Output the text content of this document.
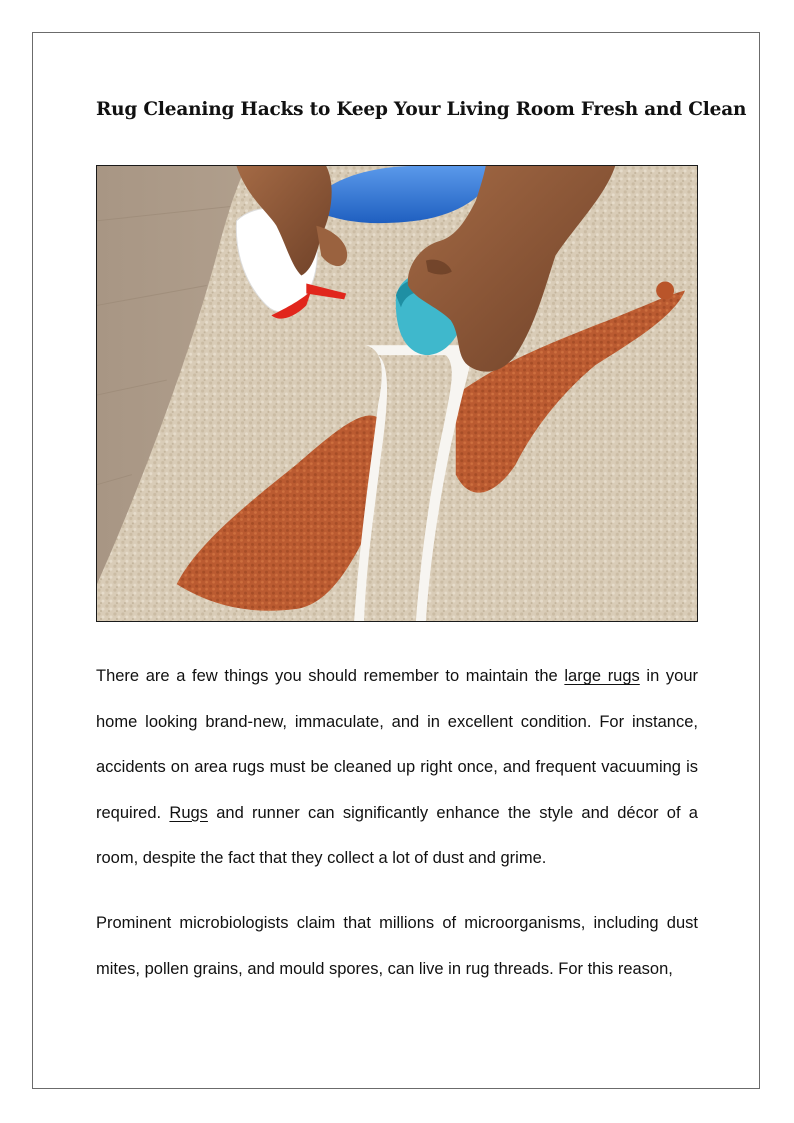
Rug Cleaning Hacks to Keep Your Living Room Fresh and Clean

There are a few things you should remember to maintain the large rugs in your home looking brand-new, immaculate, and in excellent condition. For instance, accidents on area rugs must be cleaned up right once, and frequent vacuuming is required. Rugs and runner can significantly enhance the style and décor of a room, despite the fact that they collect a lot of dust and grime.

Prominent microbiologists claim that millions of microorganisms, including dust mites, pollen grains, and mould spores, can live in rug threads. For this reason,
